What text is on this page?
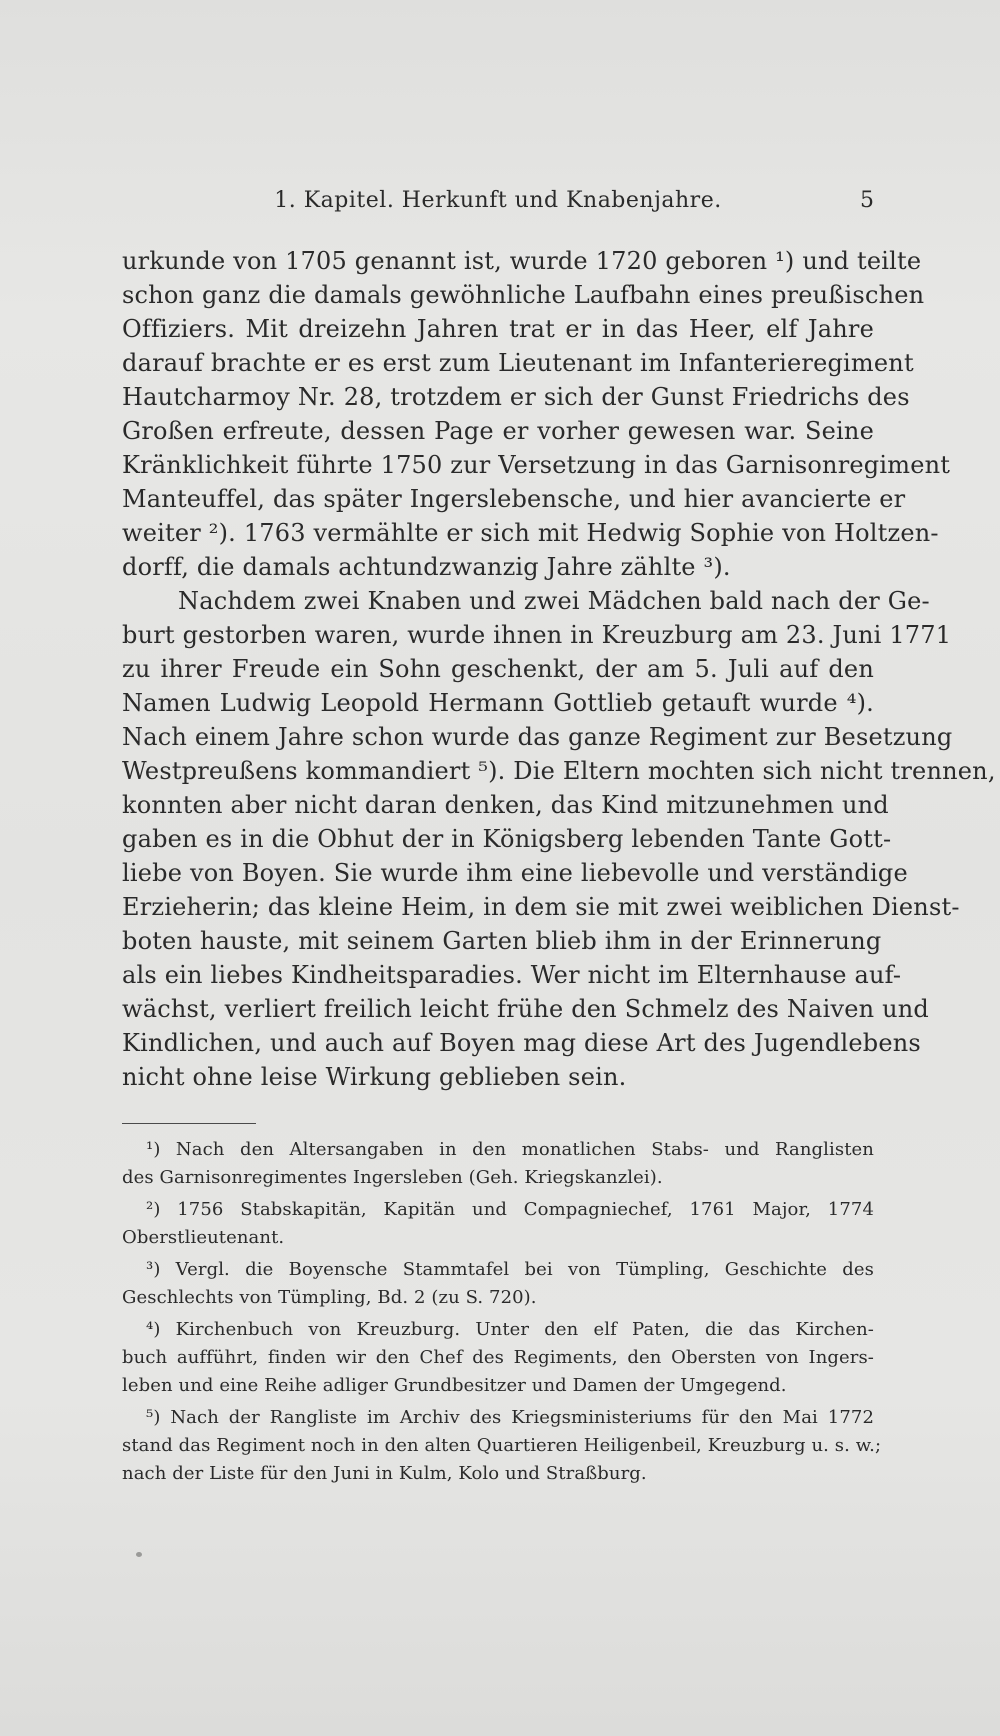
1. Kapitel. Herkunft und Knabenjahre.	5
urkunde von 1705 genannt ist, wurde 1720 geboren ¹) und teilte
schon ganz die damals gewöhnliche Laufbahn eines preußischen
Offiziers. Mit dreizehn Jahren trat er in das Heer, elf Jahre
darauf brachte er es erst zum Lieutenant im Infanterieregiment
Hautcharmoy Nr. 28, trotzdem er sich der Gunst Friedrichs des
Großen erfreute, dessen Page er vorher gewesen war. Seine
Kränklichkeit führte 1750 zur Versetzung in das Garnisonregiment
Manteuffel, das später Ingerslebensche, und hier avancierte er
weiter ²). 1763 vermählte er sich mit Hedwig Sophie von Holtzen-
dorff, die damals achtundzwanzig Jahre zählte ³).
Nachdem zwei Knaben und zwei Mädchen bald nach der Ge-
burt gestorben waren, wurde ihnen in Kreuzburg am 23. Juni 1771
zu ihrer Freude ein Sohn geschenkt, der am 5. Juli auf den
Namen Ludwig Leopold Hermann Gottlieb getauft wurde ⁴).
Nach einem Jahre schon wurde das ganze Regiment zur Besetzung
Westpreußens kommandiert ⁵). Die Eltern mochten sich nicht trennen,
konnten aber nicht daran denken, das Kind mitzunehmen und
gaben es in die Obhut der in Königsberg lebenden Tante Gott-
liebe von Boyen. Sie wurde ihm eine liebevolle und verständige
Erzieherin; das kleine Heim, in dem sie mit zwei weiblichen Dienst-
boten hauste, mit seinem Garten blieb ihm in der Erinnerung
als ein liebes Kindheitsparadies. Wer nicht im Elternhause auf-
wächst, verliert freilich leicht frühe den Schmelz des Naiven und
Kindlichen, und auch auf Boyen mag diese Art des Jugendlebens
nicht ohne leise Wirkung geblieben sein.
¹) Nach den Altersangaben in den monatlichen Stabs- und Ranglisten
des Garnisonregimentes Ingersleben (Geh. Kriegskanzlei).
²) 1756 Stabskapitän, Kapitän und Compagniechef, 1761 Major, 1774
Oberstlieutenant.
³) Vergl. die Boyensche Stammtafel bei von Tümpling, Geschichte des
Geschlechts von Tümpling, Bd. 2 (zu S. 720).
⁴) Kirchenbuch von Kreuzburg. Unter den elf Paten, die das Kirchen-
buch aufführt, finden wir den Chef des Regiments, den Obersten von Ingers-
leben und eine Reihe adliger Grundbesitzer und Damen der Umgegend.
⁵) Nach der Rangliste im Archiv des Kriegsministeriums für den Mai 1772
stand das Regiment noch in den alten Quartieren Heiligenbeil, Kreuzburg u. s. w.;
nach der Liste für den Juni in Kulm, Kolo und Straßburg.
